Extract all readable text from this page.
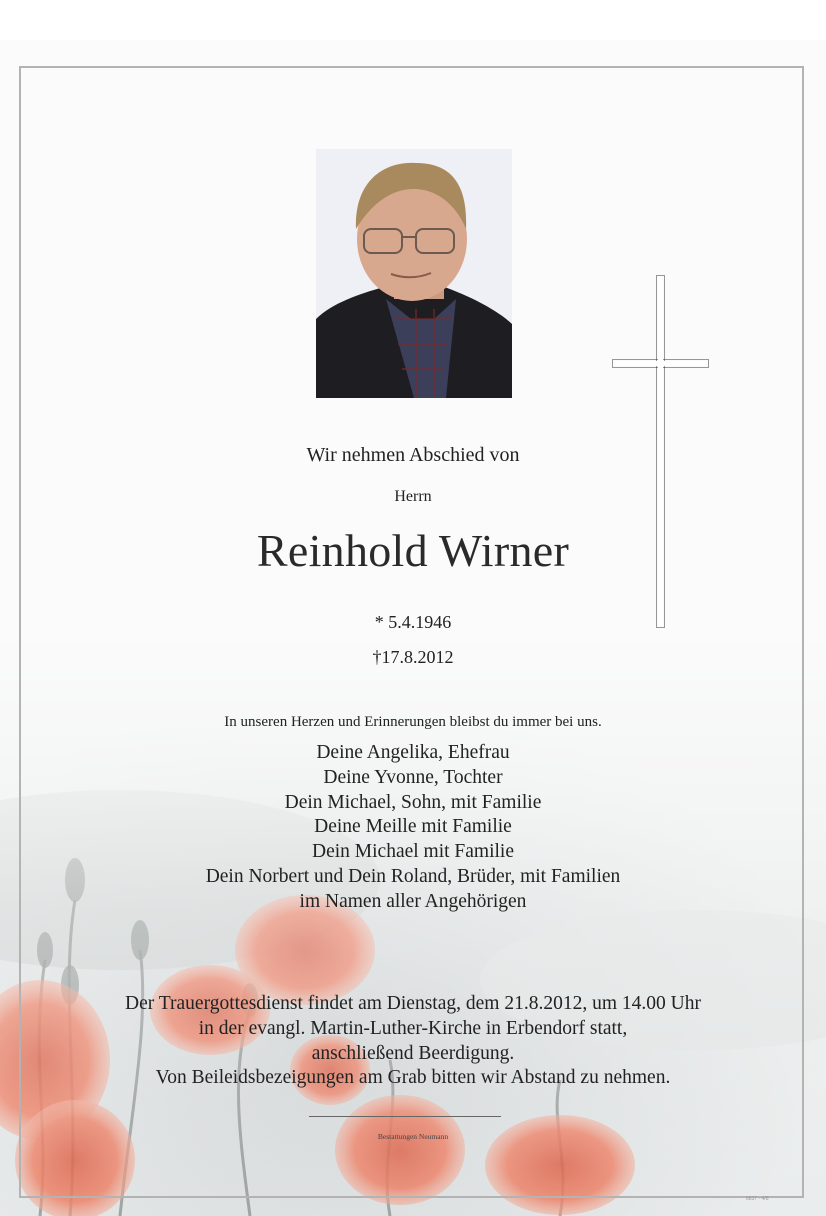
Wir nehmen Abschied von
Herrn
Reinhold Wirner
* 5.4.1946
†17.8.2012
In unseren Herzen und Erinnerungen bleibst du immer bei uns.
Deine Angelika, Ehefrau
Deine Yvonne, Tochter
Dein Michael, Sohn, mit Familie
Deine Meille mit Familie
Dein Michael mit Familie
Dein Norbert und Dein Roland, Brüder, mit Familien
im Namen aller Angehörigen
Der Trauergottesdienst findet am Dienstag, dem 21.8.2012, um 14.00 Uhr
in der evangl. Martin-Luther-Kirche in Erbendorf statt,
anschließend Beerdigung.
Von Beileidsbezeigungen am Grab bitten wir Abstand zu nehmen.
Bestattungen Neumann
8837 · 4/8
